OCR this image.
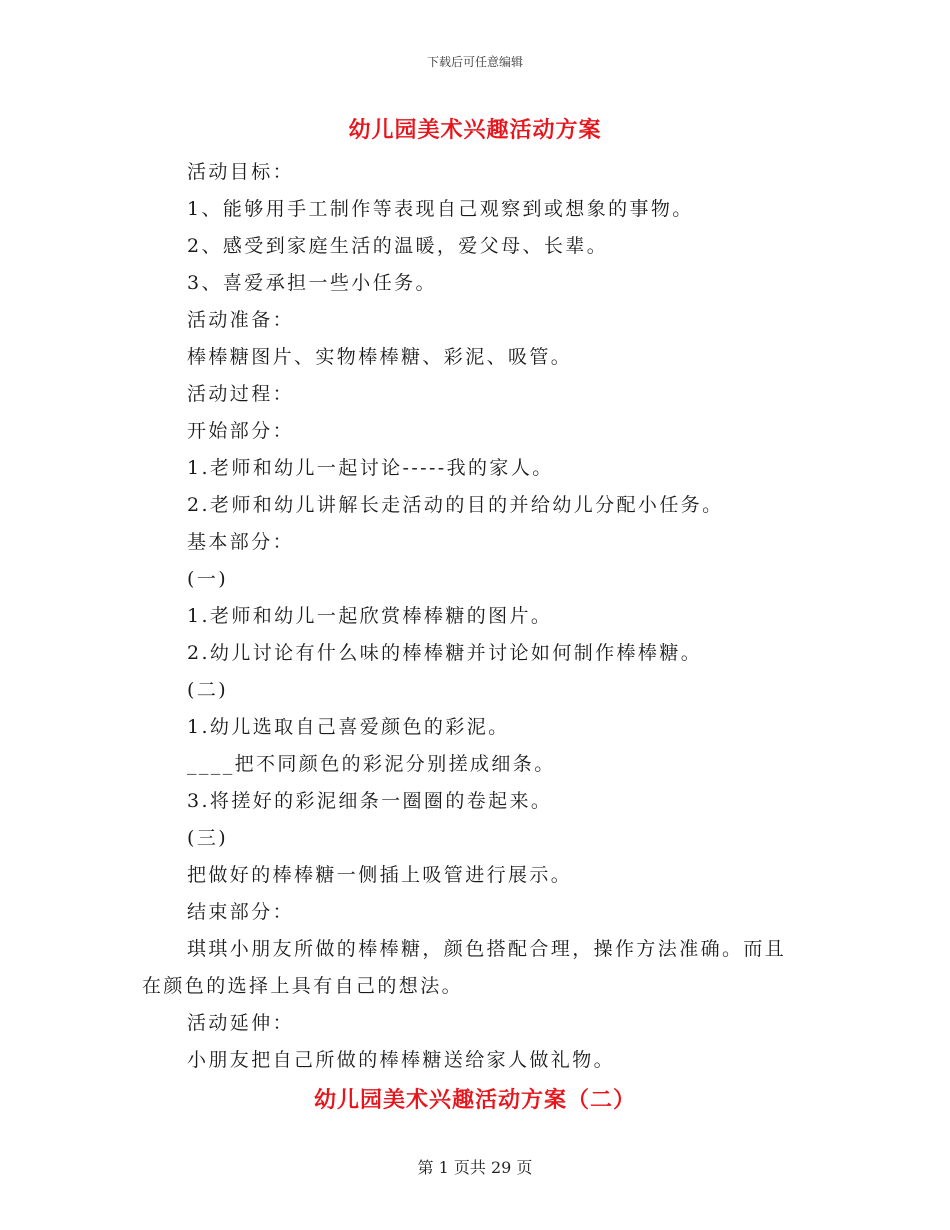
下载后可任意编辑
幼儿园美术兴趣活动方案
活动目标：
1、能够用手工制作等表现自己观察到或想象的事物。
2、感受到家庭生活的温暖，爱父母、长辈。
3、喜爱承担一些小任务。
活动准备：
棒棒糖图片、实物棒棒糖、彩泥、吸管。
活动过程：
开始部分：
1.老师和幼儿一起讨论-----我的家人。
2.老师和幼儿讲解长走活动的目的并给幼儿分配小任务。
基本部分：
(一)
1.老师和幼儿一起欣赏棒棒糖的图片。
2.幼儿讨论有什么味的棒棒糖并讨论如何制作棒棒糖。
(二)
1.幼儿选取自己喜爱颜色的彩泥。
____把不同颜色的彩泥分别搓成细条。
3.将搓好的彩泥细条一圈圈的卷起来。
(三)
把做好的棒棒糖一侧插上吸管进行展示。
结束部分：
琪琪小朋友所做的棒棒糖，颜色搭配合理，操作方法准确。而且
在颜色的选择上具有自己的想法。
活动延伸：
小朋友把自己所做的棒棒糖送给家人做礼物。
幼儿园美术兴趣活动方案（二）
第 1 页共 29 页
